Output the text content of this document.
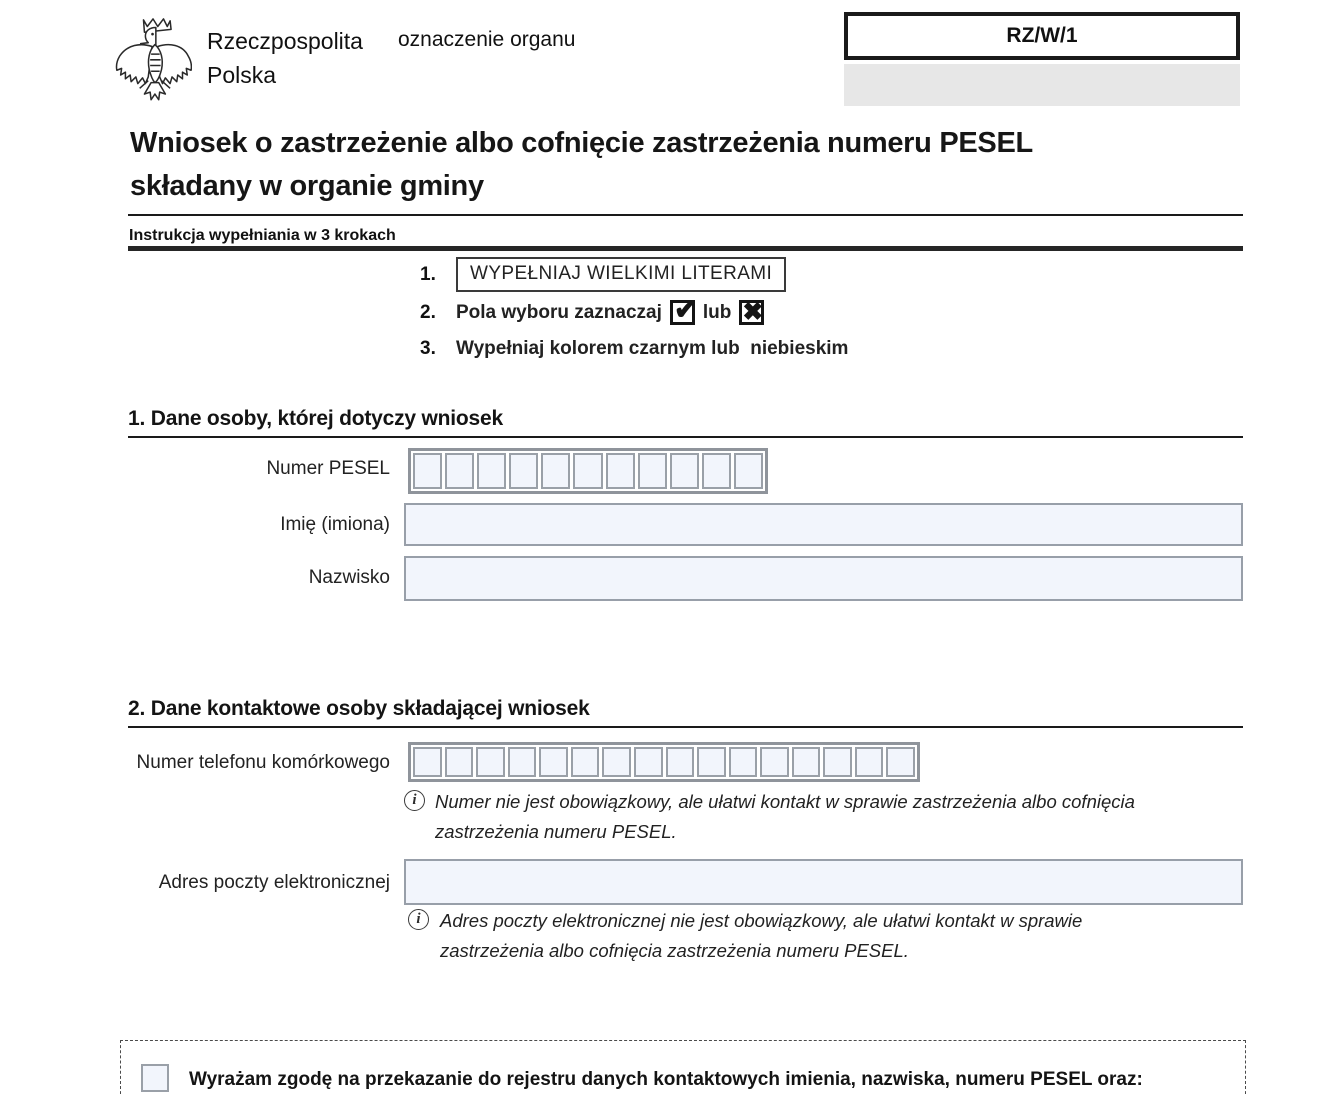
Rzeczpospolita
Polska
oznaczenie organu	RZ/W/1
Wniosek o zastrzeżenie albo cofnięcie zastrzeżenia numeru PESEL składany w organie gminy
Instrukcja wypełniania w 3 krokach
1.	WYPEŁNIAJ WIELKIMI LITERAMI
2.	Pola wyboru zaznaczaj ✔ lub ✖
3.	Wypełniaj kolorem czarnym lub  niebieskim
1. Dane osoby, której dotyczy wniosek
Numer PESEL
Imię (imiona)
Nazwisko
2. Dane kontaktowe osoby składającej wniosek
Numer telefonu komórkowego
i Numer nie jest obowiązkowy, ale ułatwi kontakt w sprawie zastrzeżenia albo cofnięcia zastrzeżenia numeru PESEL.
Adres poczty elektronicznej
i Adres poczty elektronicznej nie jest obowiązkowy, ale ułatwi kontakt w sprawie zastrzeżenia albo cofnięcia zastrzeżenia numeru PESEL.
Wyrażam zgodę na przekazanie do rejestru danych kontaktowych imienia, nazwiska, numeru PESEL oraz:
